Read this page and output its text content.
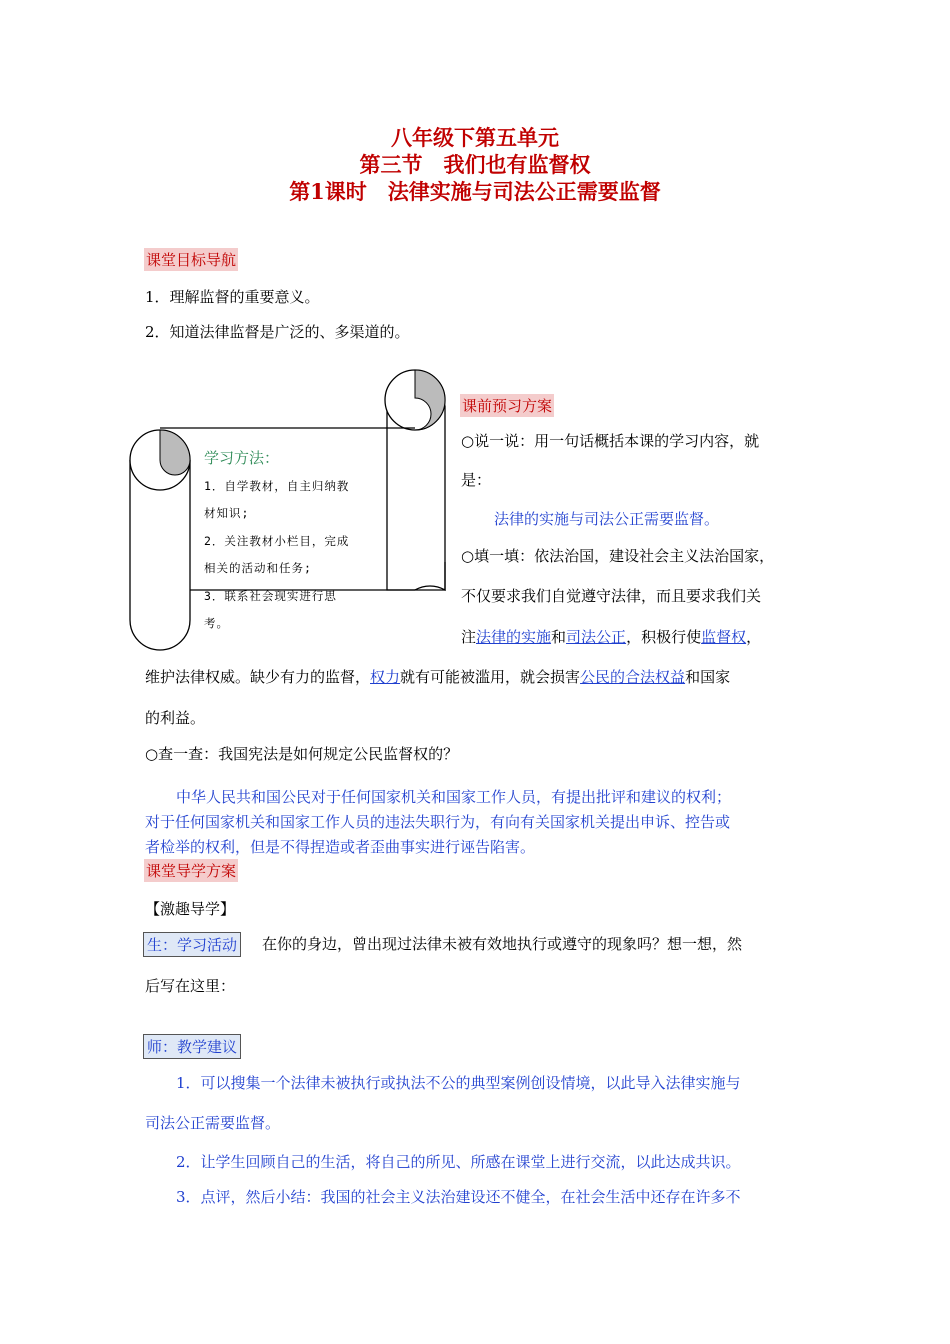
八年级下第五单元
第三节　我们也有监督权
第1课时　法律实施与司法公正需要监督
课堂目标导航
1．理解监督的重要意义。
2．知道法律监督是广泛的、多渠道的。
学习方法：
1．自学教材，自主归纳教
材知识;
2．关注教材小栏目，完成
相关的活动和任务;
3．联系社会现实进行思
考。
课前预习方案
○说一说：用一句话概括本课的学习内容，就
是：
法律的实施与司法公正需要监督。
○填一填：依法治国，建设社会主义法治国家，
不仅要求我们自觉遵守法律，而且要求我们关
注法律的实施和司法公正，积极行使监督权，
维护法律权威。缺少有力的监督，权力就有可能被滥用，就会损害公民的合法权益和国家
的利益。
○查一查：我国宪法是如何规定公民监督权的？
中华人民共和国公民对于任何国家机关和国家工作人员，有提出批评和建议的权利；
对于任何国家机关和国家工作人员的违法失职行为，有向有关国家机关提出申诉、控告或
者检举的权利，但是不得捏造或者歪曲事实进行诬告陷害。
课堂导学方案
【激趣导学】
生：学习活动 在你的身边，曾出现过法律未被有效地执行或遵守的现象吗？想一想，然
后写在这里：
师：教学建议
1．可以搜集一个法律未被执行或执法不公的典型案例创设情境，以此导入法律实施与
司法公正需要监督。
2．让学生回顾自己的生活，将自己的所见、所感在课堂上进行交流，以此达成共识。
3．点评，然后小结：我国的社会主义法治建设还不健全，在社会生活中还存在许多不
